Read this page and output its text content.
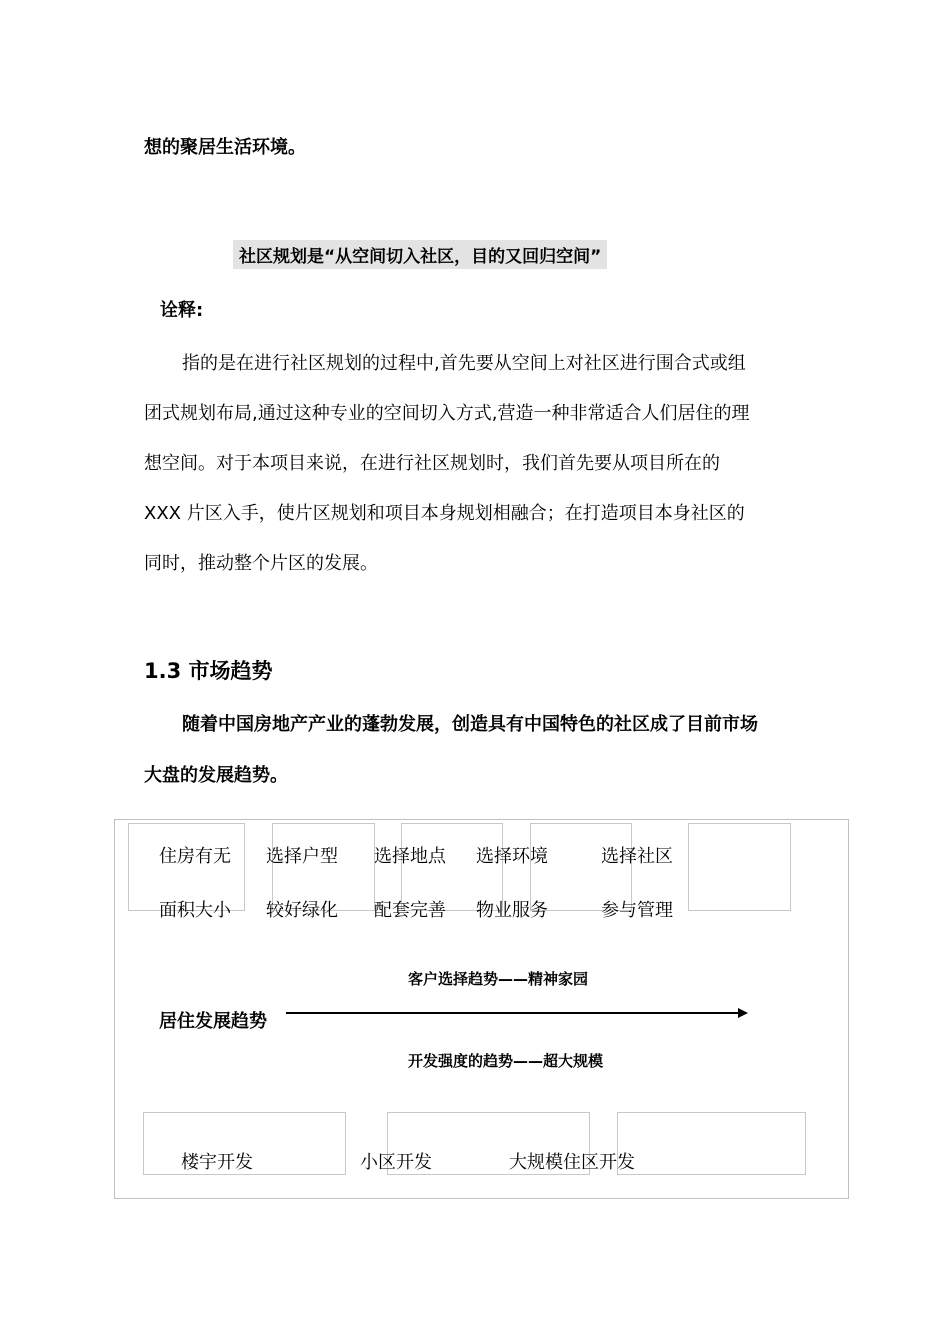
想的聚居生活环境。
社区规划是“从空间切入社区，目的又回归空间”
诠释:
指的是在进行社区规划的过程中,首先要从空间上对社区进行围合式或组
团式规划布局,通过这种专业的空间切入方式,营造一种非常适合人们居住的理
想空间。对于本项目来说，在进行社区规划时，我们首先要从项目所在的
XXX 片区入手，使片区规划和项目本身规划相融合；在打造项目本身社区的
同时，推动整个片区的发展。
1.3 市场趋势
随着中国房地产产业的蓬勃发展，创造具有中国特色的社区成了目前市场
大盘的发展趋势。
住房有无 选择户型 选择地点 选择环境	选择社区
面积大小 较好绿化 配套完善 物业服务	参与管理
客户选择趋势——精神家园
居住发展趋势
开发强度的趋势——超大规模
楼宇开发	小区开发	大规模住区开发
